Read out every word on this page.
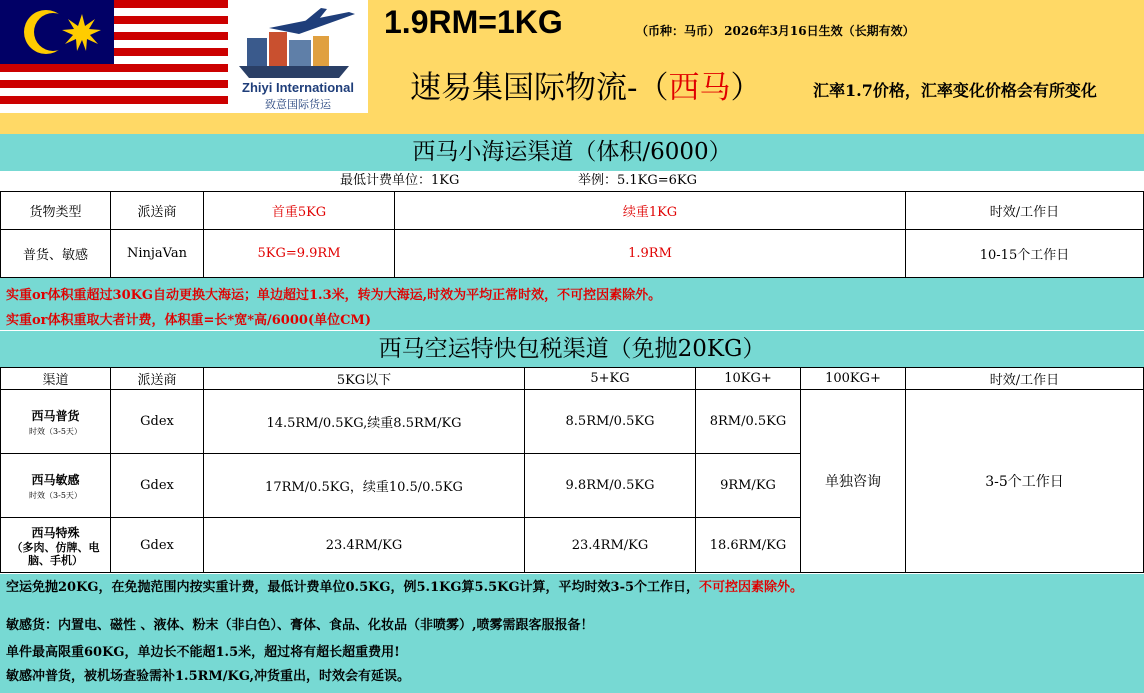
Zhiyi International
致意国际货运
1.9RM=1KG	（币种：马币） 2026年3月16日生效（长期有效）
速易集国际物流-（西马）	汇率1.7价格，汇率变化价格会有所变化
西马小海运渠道（体积/6000）
最低计费单位：1KG	举例：5.1KG=6KG
货物类型	派送商	首重5KG	续重1KG	时效/工作日
普货、敏感	NinjaVan	5KG=9.9RM	1.9RM	10-15个工作日
实重or体积重超过30KG自动更换大海运；单边超过1.3米，转为大海运,时效为平均正常时效，不可控因素除外。
实重or体积重取大者计费，体积重=长*宽*高/6000(单位CM)
西马空运特快包税渠道（免抛20KG）
渠道	派送商	5KG以下	5+KG	10KG+	100KG+	时效/工作日
西马普货
时效（3-5天）	Gdex	14.5RM/0.5KG,续重8.5RM/KG	8.5RM/0.5KG	8RM/0.5KG	单独咨询	3-5个工作日
西马敏感
时效（3-5天）	Gdex	17RM/0.5KG，续重10.5/0.5KG	9.8RM/0.5KG	9RM/KG		
西马特殊
（多肉、仿牌、电脑、手机）	Gdex	23.4RM/KG	23.4RM/KG	18.6RM/KG		
空运免抛20KG，在免抛范围内按实重计费，最低计费单位0.5KG，例5.1KG算5.5KG计算，平均时效3-5个工作日，不可控因素除外。
敏感货：内置电、磁性 、液体、粉末（非白色）、膏体、食品、化妆品（非喷雾）,喷雾需跟客服报备！
单件最高限重60KG，单边长不能超1.5米，超过将有超长超重费用!
敏感冲普货，被机场查验需补1.5RM/KG,冲货重出，时效会有延误。
